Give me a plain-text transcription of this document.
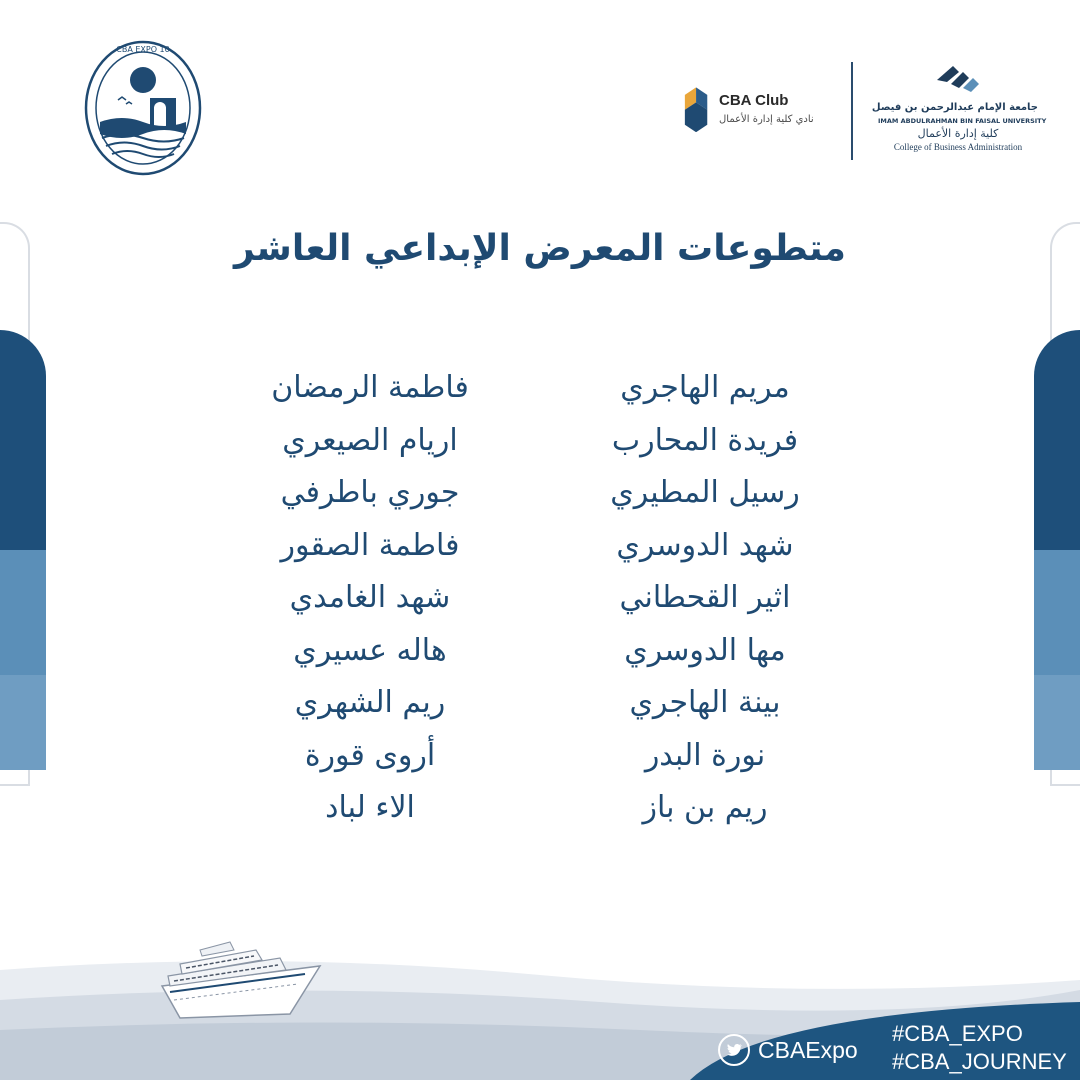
CBA EXPO 10
CBA Club
نادي كلية إدارة الأعمال
جامعة الإمام عبدالرحمن بن فيصل
IMAM ABDULRAHMAN BIN FAISAL UNIVERSITY
كلية إدارة الأعمال
College of Business Administration
متطوعات المعرض الإبداعي العاشر
مريم الهاجري
فريدة المحارب
رسيل المطيري
شهد الدوسري
اثير القحطاني
مها الدوسري
بينة الهاجري
نورة البدر
ريم بن باز
فاطمة الرمضان
اريام الصيعري
جوري باطرفي
فاطمة الصقور
شهد الغامدي
هاله عسيري
ريم الشهري
أروى قورة
الاء لباد
CBAExpo
#CBA_EXPO
#CBA_JOURNEY
